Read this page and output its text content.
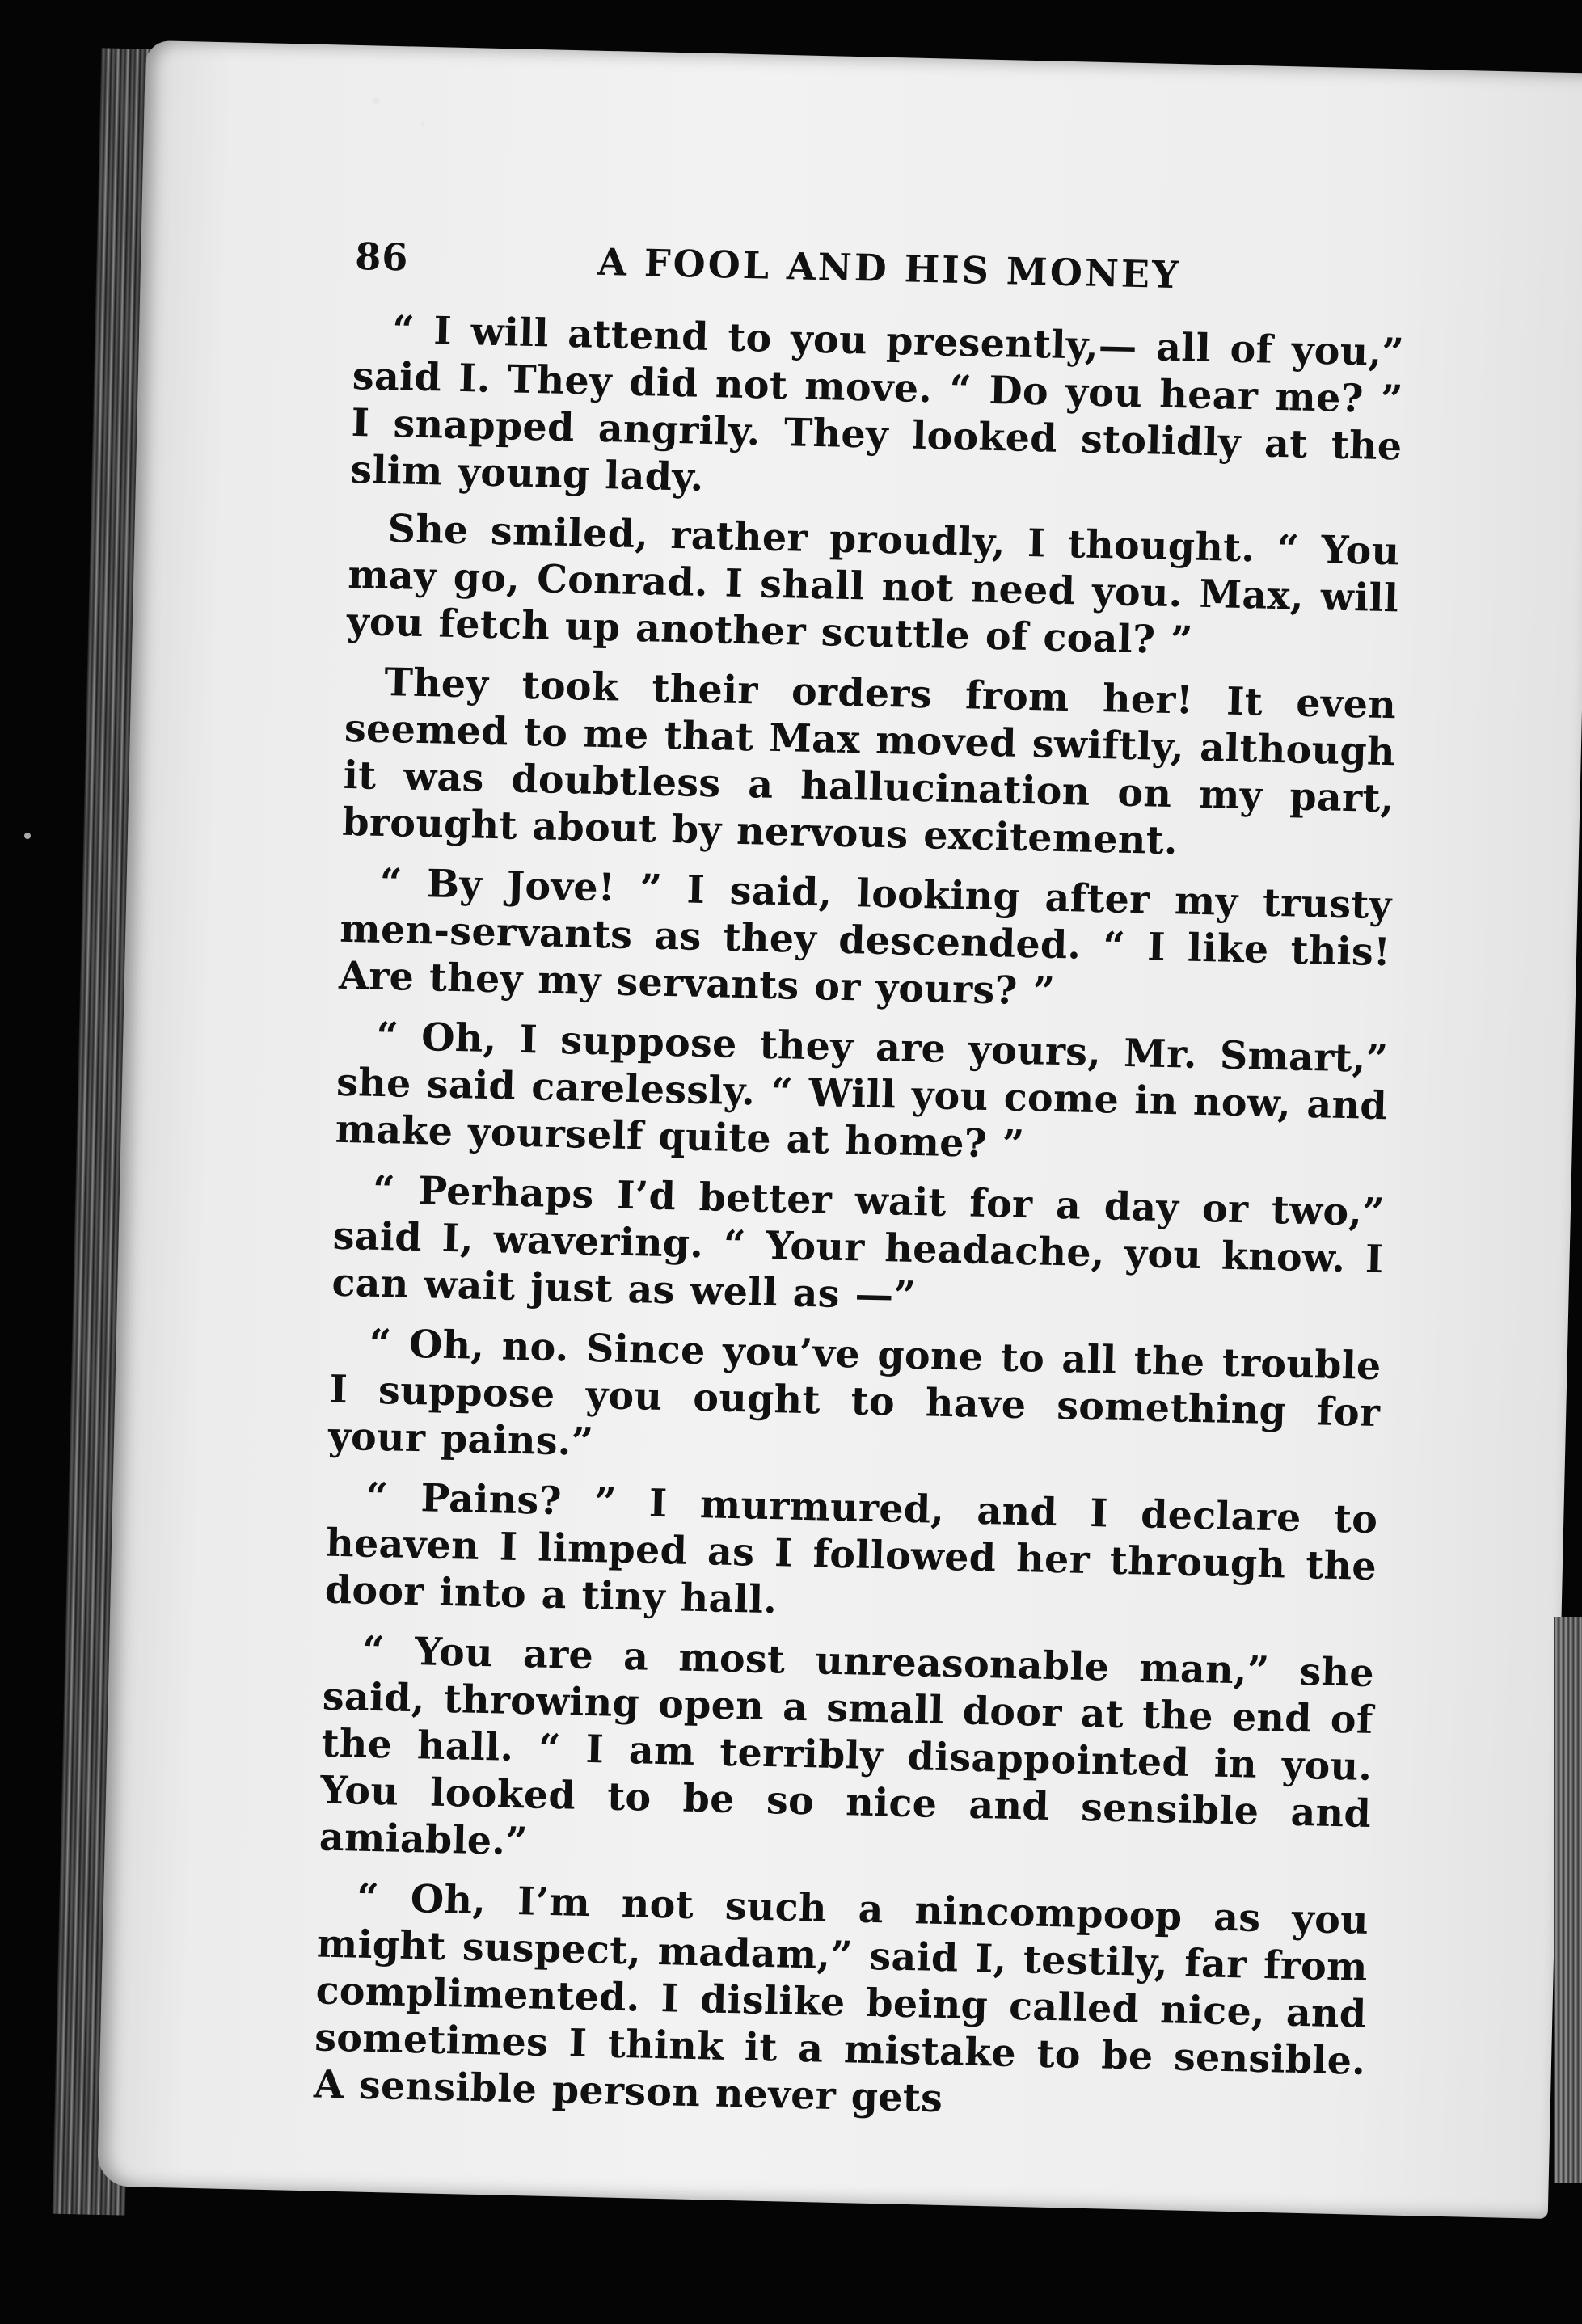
86	A FOOL AND HIS MONEY

“ I will attend to you presently,— all of you,” said I. They did not move. “ Do you hear me? ” I snapped angrily. They looked stolidly at the slim young lady.

She smiled, rather proudly, I thought. “ You may go, Conrad. I shall not need you. Max, will you fetch up another scuttle of coal? ”

They took their orders from her! It even seemed to me that Max moved swiftly, although it was doubtless a hallucination on my part, brought about by nervous excitement.

“ By Jove! ” I said, looking after my trusty men-servants as they descended. “ I like this! Are they my servants or yours? ”

“ Oh, I suppose they are yours, Mr. Smart,” she said carelessly. “ Will you come in now, and make yourself quite at home? ”

“ Perhaps I’d better wait for a day or two,” said I, wavering. “ Your headache, you know. I can wait just as well as —”

“ Oh, no. Since you’ve gone to all the trouble I suppose you ought to have something for your pains.”

“ Pains? ” I murmured, and I declare to heaven I limped as I followed her through the door into a tiny hall.

“ You are a most unreasonable man,” she said, throwing open a small door at the end of the hall. “ I am terribly disappointed in you. You looked to be so nice and sensible and amiable.”

“ Oh, I’m not such a nincompoop as you might suspect, madam,” said I, testily, far from complimented. I dislike being called nice, and sometimes I think it a mistake to be sensible. A sensible person never gets
